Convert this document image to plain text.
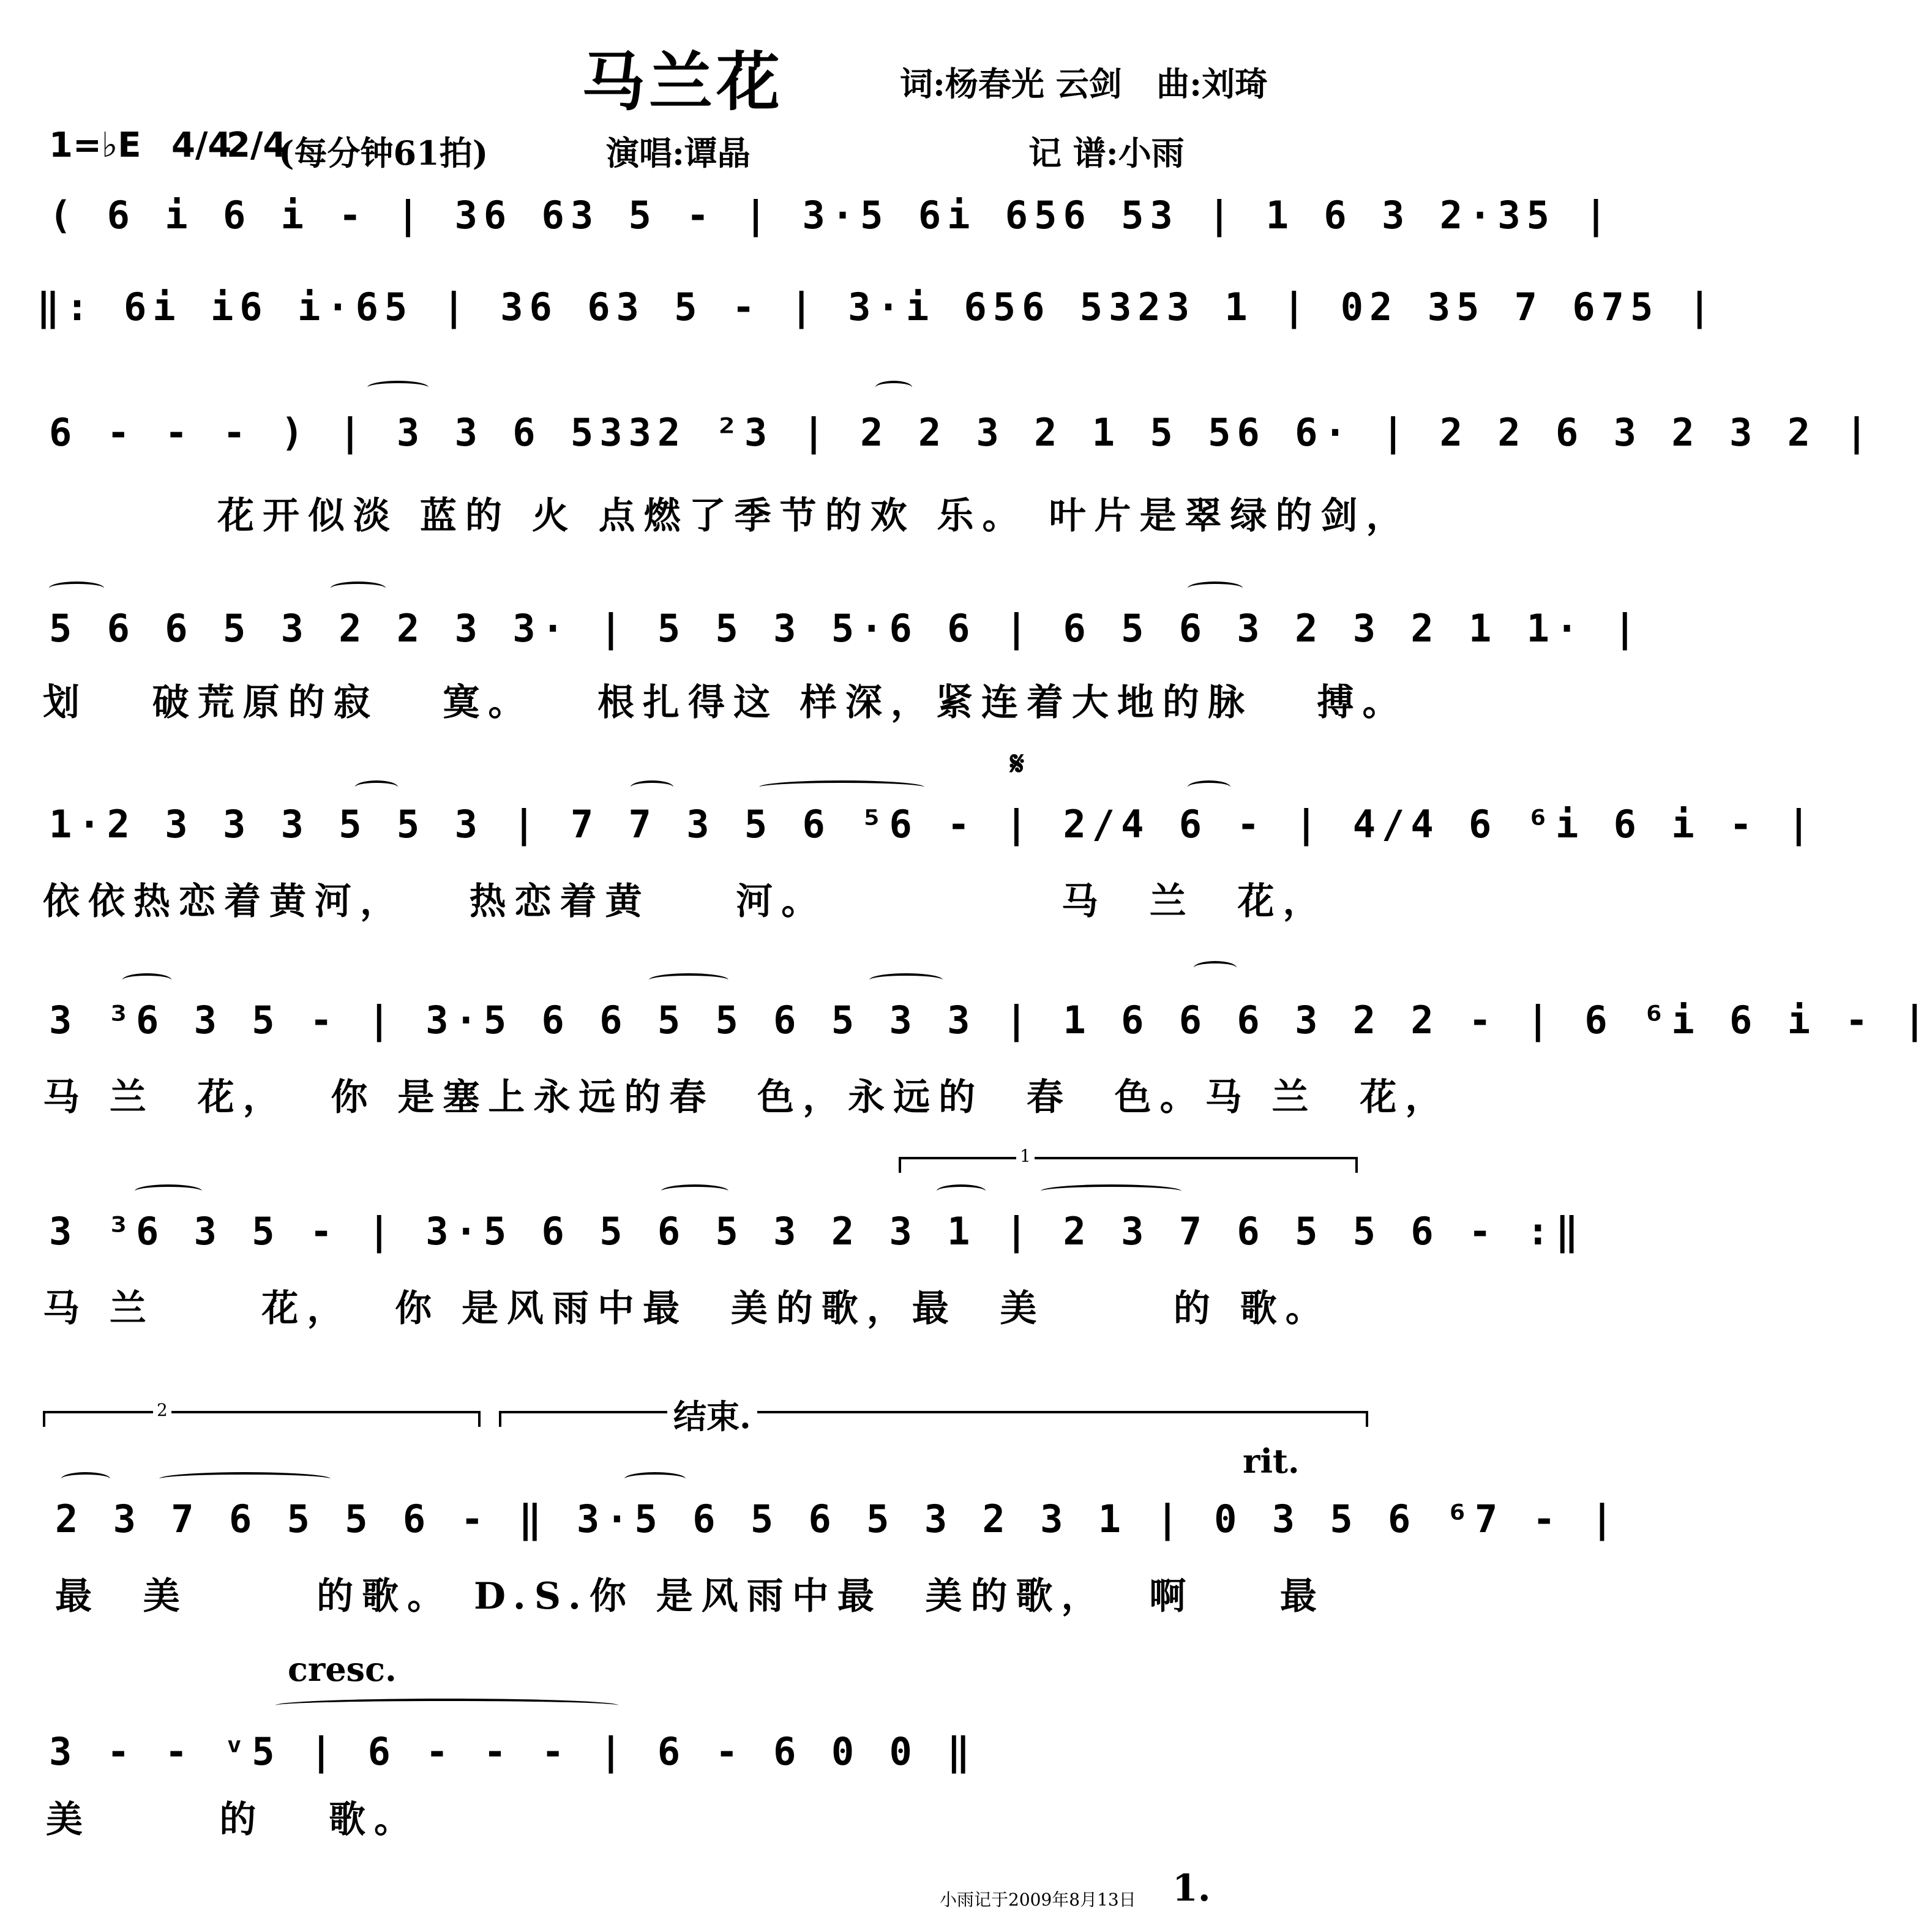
马兰花	词:杨春光 云剑   曲:刘琦
1=♭E 4/4
2/4
(每分钟61拍)	演唱:谭晶	记 谱:小雨
( 6 i 6 i - | 36 63 5 - | 3·5 6i 656 53 | 1 6 3 2·35 |
‖: 6i i6 i·65 | 36 63 5 - | 3·i 656 5323 1 | 02 35 7 675 |
6 - - - ) | 3 3 6 5332 ²3 | 2 2 3 2 1 5 56 6· | 2 2 6 3 2 3 2 |
花开似淡 蓝的 火 点燃了季节的欢 乐。 叶片是翠绿的剑，
5 6 6 5 3 2 2 3 3· | 5 5 3 5·6 6 | 6 5 6 3 2 3 2 1 1· |
划   破荒原的寂   寞。   根扎得这 样深，紧连着大地的脉   搏。
𝄋
1·2 3 3 3 5 5 3 | 7 7 3 5 6 ⁵6 - | 2/4 6 - | 4/4 6 ⁶i 6 i - |
依依热恋着黄河，   热恋着黄    河。           马  兰  花，
3 ³6 3 5 - | 3·5 6 6 5 5 6 5 3 3 | 1 6 6 6 3 2 2 - | 6 ⁶i 6 i - |
马 兰  花，  你 是塞上永远的春  色，永远的  春  色。马 兰  花，
1
3 ³6 3 5 - | 3·5 6 5 6 5 3 2 3 1 | 2 3 7 6 5 5 6 - :‖
马 兰     花，  你 是风雨中最  美的歌，最  美      的 歌。
2	结束.
rit.
2 3 7 6 5 5 6 - ‖ 3·5 6 5 6 5 3 2 3 1 | 0 3 5 6 ⁶7 - |
最  美      的歌。 D.S.你 是风雨中最  美的歌，  啊    最
cresc.
3 - - ᵛ5 | 6 - - - | 6 - 6 0 0 ‖
美      的   歌。
小雨记于2009年8月13日 1.
